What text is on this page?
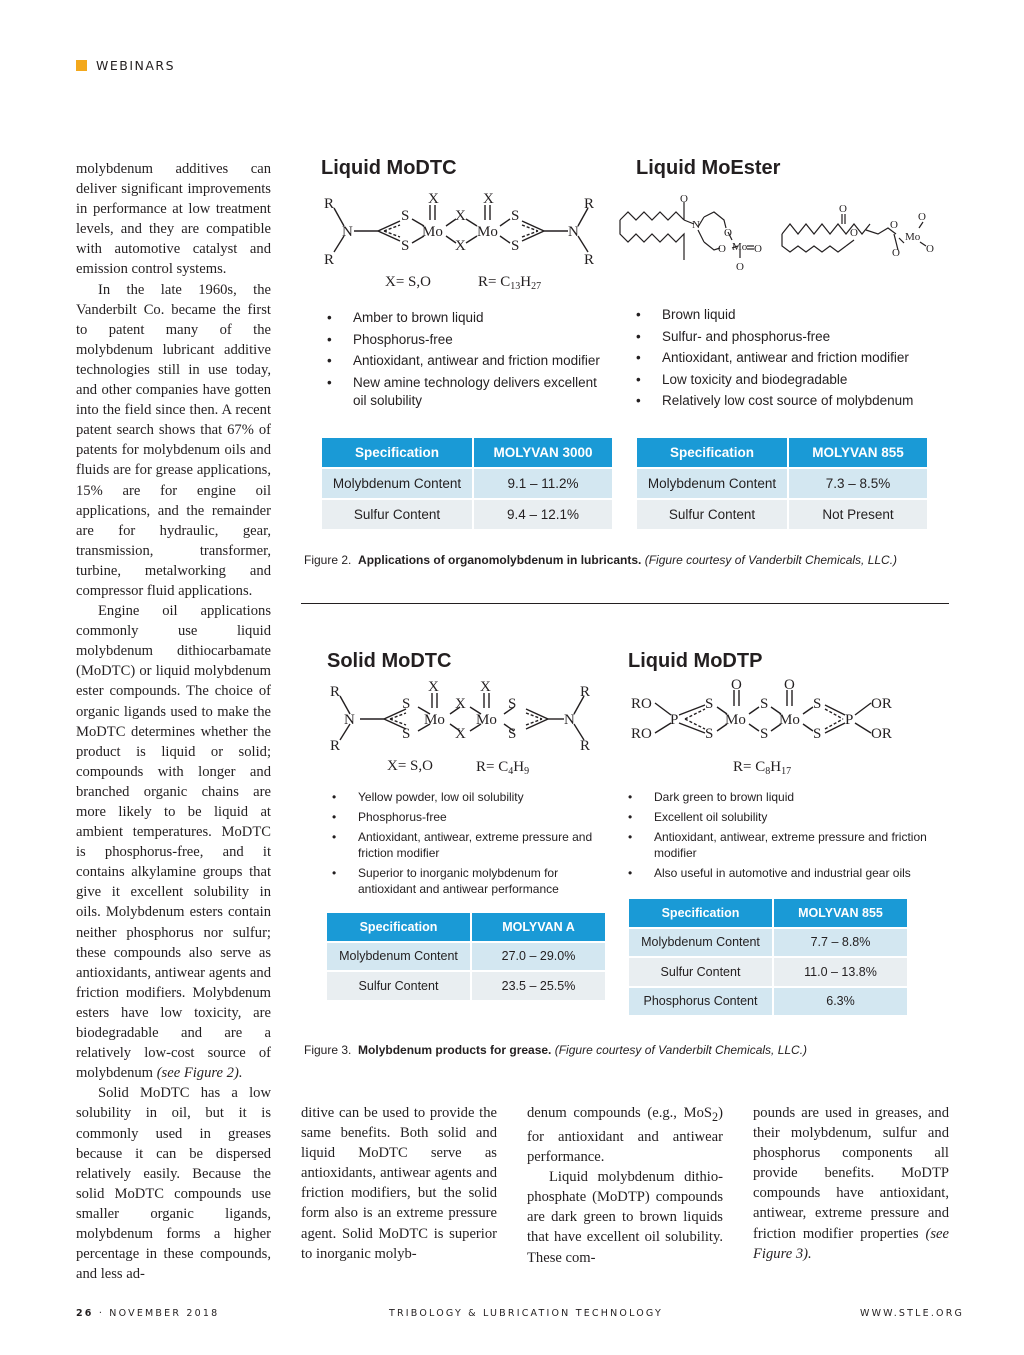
WEBINARS

molybdenum additives can deliver significant improvements in performance at low treatment levels, and they are compatible with automotive catalyst and emission control systems.

In the late 1960s, the Vanderbilt Co. became the first to patent many of the molybdenum lubricant additive technologies still in use today, and other companies have gotten into the field since then. A recent patent search shows that 67% of patents for molybdenum oils and fluids are for grease applications, 15% are for engine oil applications, and the remainder are for hydraulic, gear, transmission, transformer, turbine, metalworking and compressor fluid applications.

Engine oil applications commonly use liquid molybdenum dithiocarbamate (MoDTC) or liquid molybdenum ester compounds. The choice of organic ligands used to make the MoDTC determines whether the product is liquid or solid; compounds with longer and branched organic chains are more likely to be liquid at ambient temperatures. MoDTC is phosphorus-free, and it contains alkylamine groups that give it excellent solubility in oils. Molybdenum esters contain neither phosphorus nor sulfur; these compounds also serve as antioxidants, antiwear agents and friction modifiers. Molybdenum esters have low toxicity, are biodegradable and are a relatively low-cost source of molybdenum (see Figure 2).

Solid MoDTC has a low solubility in oil, but it is commonly used in greases because it can be dispersed relatively easily. Because the solid MoDTC compounds use smaller organic ligands, molybdenum forms a higher percentage in these compounds, and less ad-

ditive can be used to provide the same benefits. Both solid and liquid MoDTC serve as antioxidants, antiwear agents and friction modifiers, but the solid form also is an extreme pressure agent. Solid MoDTC is superior to inorganic molyb-

denum compounds (e.g., MoS$_2$) for antioxidant and antiwear performance.

Liquid molybdenum dithio- phosphate (MoDTP) compounds are dark green to brown liquids that have excellent oil solubility. These com-

pounds are used in greases, and their molybdenum, sulfur and phosphorus components all provide benefits. MoDTP compounds have antioxidant, antiwear, extreme pressure and friction modifier properties (see Figure 3).

Liquid MoDTC
R
R
N
S
S
X
Mo
X
X
X
Mo
S
S
N
R
R
X= S,O	$R= C_{13}H_{27}$
• Amber to brown liquid
• Phosphorus-free
• Antioxidant, antiwear and friction modifier
• New amine technology delivers excellent oil solubility
Specification	MOLYVAN 3000
Molybdenum Content	9.1 – 11.2%
Sulfur Content	9.4 – 12.1%
Liquid MoEster
O
N
O
O Mo O
O
O
O
O
Mo
O
O
O
• Brown liquid
• Sulfur- and phosphorus-free
• Antioxidant, antiwear and friction modifier
• Low toxicity and biodegradable
• Relatively low cost source of molybdenum
Specification	MOLYVAN 855
Molybdenum Content	7.3 – 8.5%
Sulfur Content	Not Present
Figure 2. Applications of organomolybdenum in lubricants. (Figure courtesy of Vanderbilt Chemicals, LLC.)
Solid MoDTC
R
R
N
S
S
X
Mo
X
X
X
Mo
S
S
N
R
R
X= S,O	$R= C_4H_9$
• Yellow powder, low oil solubility
• Phosphorus-free
• Antioxidant, antiwear, extreme pressure and friction modifier
• Superior to inorganic molybdenum for antioxidant and antiwear performance
Specification	MOLYVAN A
Molybdenum Content	27.0 – 29.0%
Sulfur Content	23.5 – 25.5%
Liquid MoDTP
RO
RO
P
S
S
O
Mo
S
S
O
Mo
S
S
P
OR
OR
$R= C_8H_{17}$
• Dark green to brown liquid
• Excellent oil solubility
• Antioxidant, antiwear, extreme pressure and friction modifier
• Also useful in automotive and industrial gear oils
Specification	MOLYVAN 855
Molybdenum Content	7.7 – 8.8%
Sulfur Content	11.0 – 13.8%
Phosphorus Content	6.3%
Figure 3. Molybdenum products for grease. (Figure courtesy of Vanderbilt Chemicals, LLC.)
26 · NOVEMBER 2018	TRIBOLOGY & LUBRICATION TECHNOLOGY	WWW.STLE.ORG
